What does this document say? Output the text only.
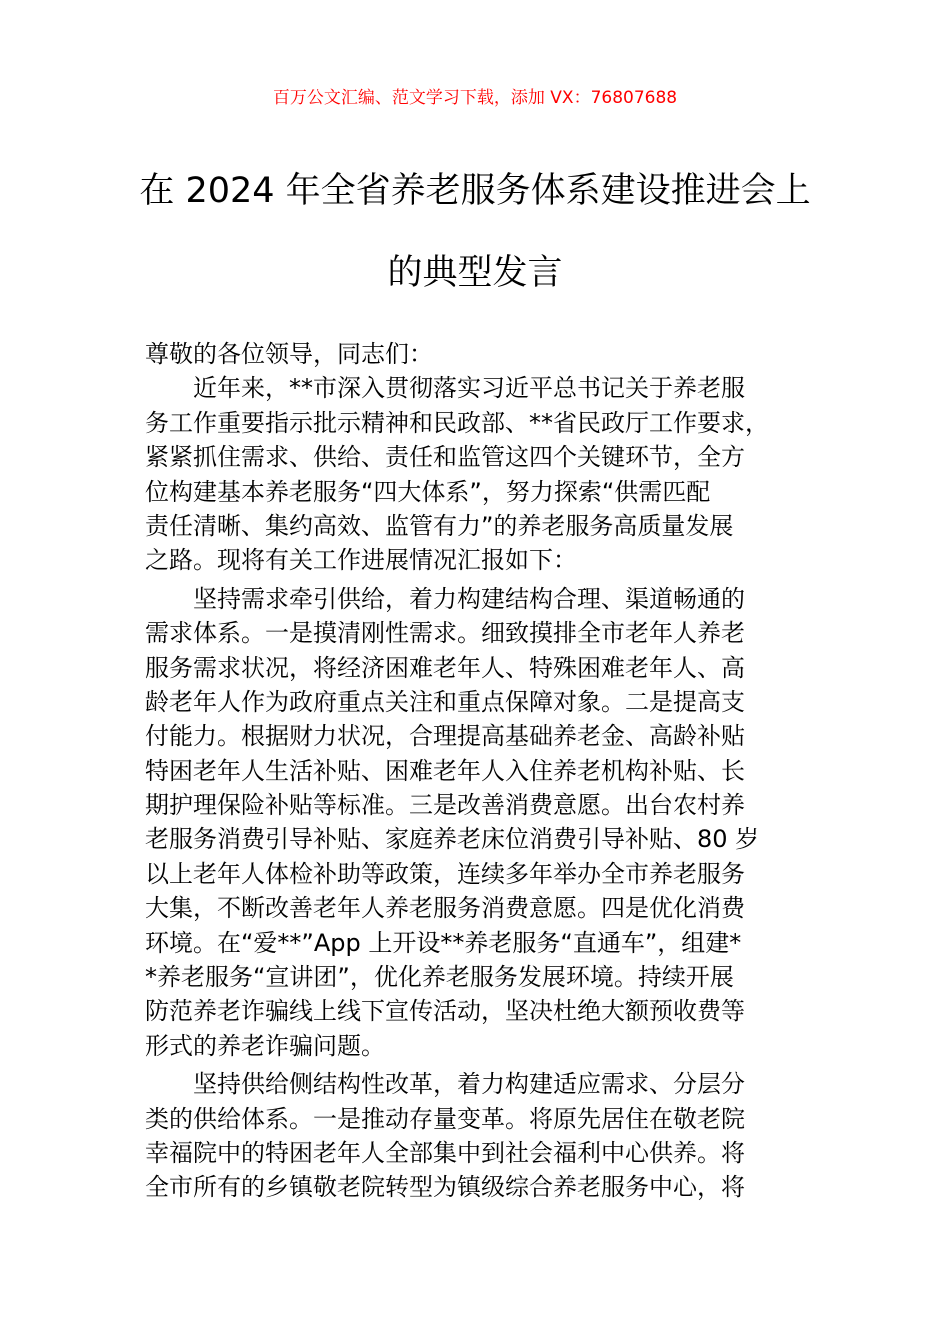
百万公文汇编、范文学习下载，添加 VX：76807688
在 2024 年全省养老服务体系建设推进会上
的典型发言
尊敬的各位领导，同志们：
　　近年来，**市深入贯彻落实习近平总书记关于养老服
务工作重要指示批示精神和民政部、**省民政厅工作要求，
紧紧抓住需求、供给、责任和监管这四个关键环节，全方
位构建基本养老服务“四大体系”，努力探索“供需匹配
责任清晰、集约高效、监管有力”的养老服务高质量发展
之路。现将有关工作进展情况汇报如下：
　　坚持需求牵引供给，着力构建结构合理、渠道畅通的
需求体系。一是摸清刚性需求。细致摸排全市老年人养老
服务需求状况，将经济困难老年人、特殊困难老年人、高
龄老年人作为政府重点关注和重点保障对象。二是提高支
付能力。根据财力状况，合理提高基础养老金、高龄补贴
特困老年人生活补贴、困难老年人入住养老机构补贴、长
期护理保险补贴等标准。三是改善消费意愿。出台农村养
老服务消费引导补贴、家庭养老床位消费引导补贴、80 岁
以上老年人体检补助等政策，连续多年举办全市养老服务
大集，不断改善老年人养老服务消费意愿。四是优化消费
环境。在“爱**”App 上开设**养老服务“直通车”，组建*
*养老服务“宣讲团”，优化养老服务发展环境。持续开展
防范养老诈骗线上线下宣传活动，坚决杜绝大额预收费等
形式的养老诈骗问题。
　　坚持供给侧结构性改革，着力构建适应需求、分层分
类的供给体系。一是推动存量变革。将原先居住在敬老院
幸福院中的特困老年人全部集中到社会福利中心供养。将
全市所有的乡镇敬老院转型为镇级综合养老服务中心，将
